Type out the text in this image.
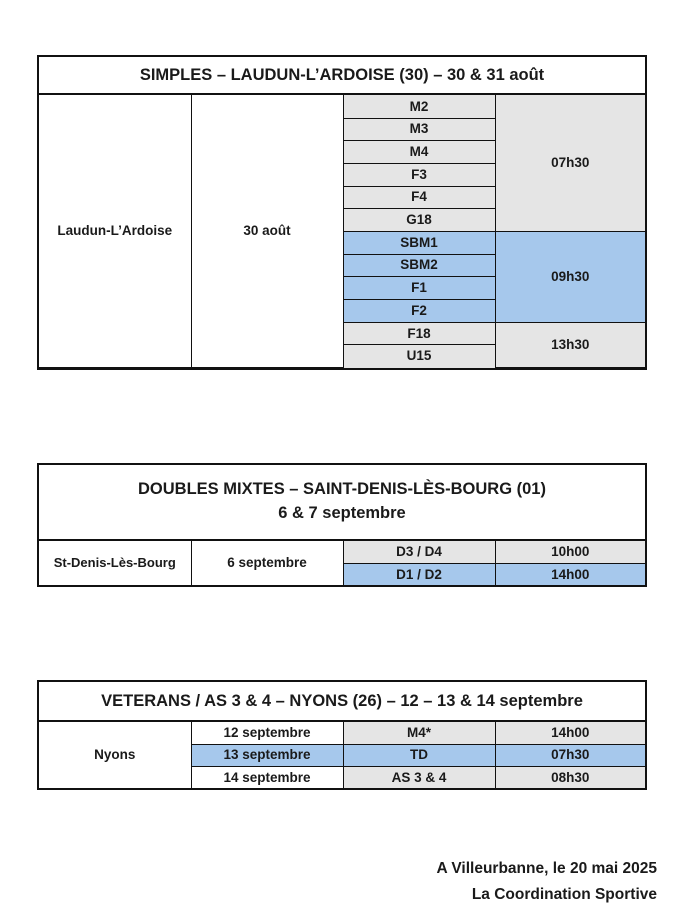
SIMPLES – LAUDUN-L’ARDOISE (30) – 30 & 31 août
Laudun-L’Ardoise	30 août	M2	07h30
		M3	
		M4	
		F3	
		F4	
		G18	
		SBM1	09h30
		SBM2	
		F1	
		F2	
		F18	13h30
		U15	
DOUBLES MIXTES – SAINT-DENIS-LÈS-BOURG (01)
6 & 7 septembre
St-Denis-Lès-Bourg	6 septembre	D3 / D4	10h00
		D1 / D2	14h00
VETERANS / AS 3 & 4 – NYONS (26) – 12 – 13 & 14 septembre
Nyons	12 septembre	M4*	14h00
	13 septembre	TD	07h30
	14 septembre	AS 3 & 4	08h30
A Villeurbanne, le 20 mai 2025
La Coordination Sportive
